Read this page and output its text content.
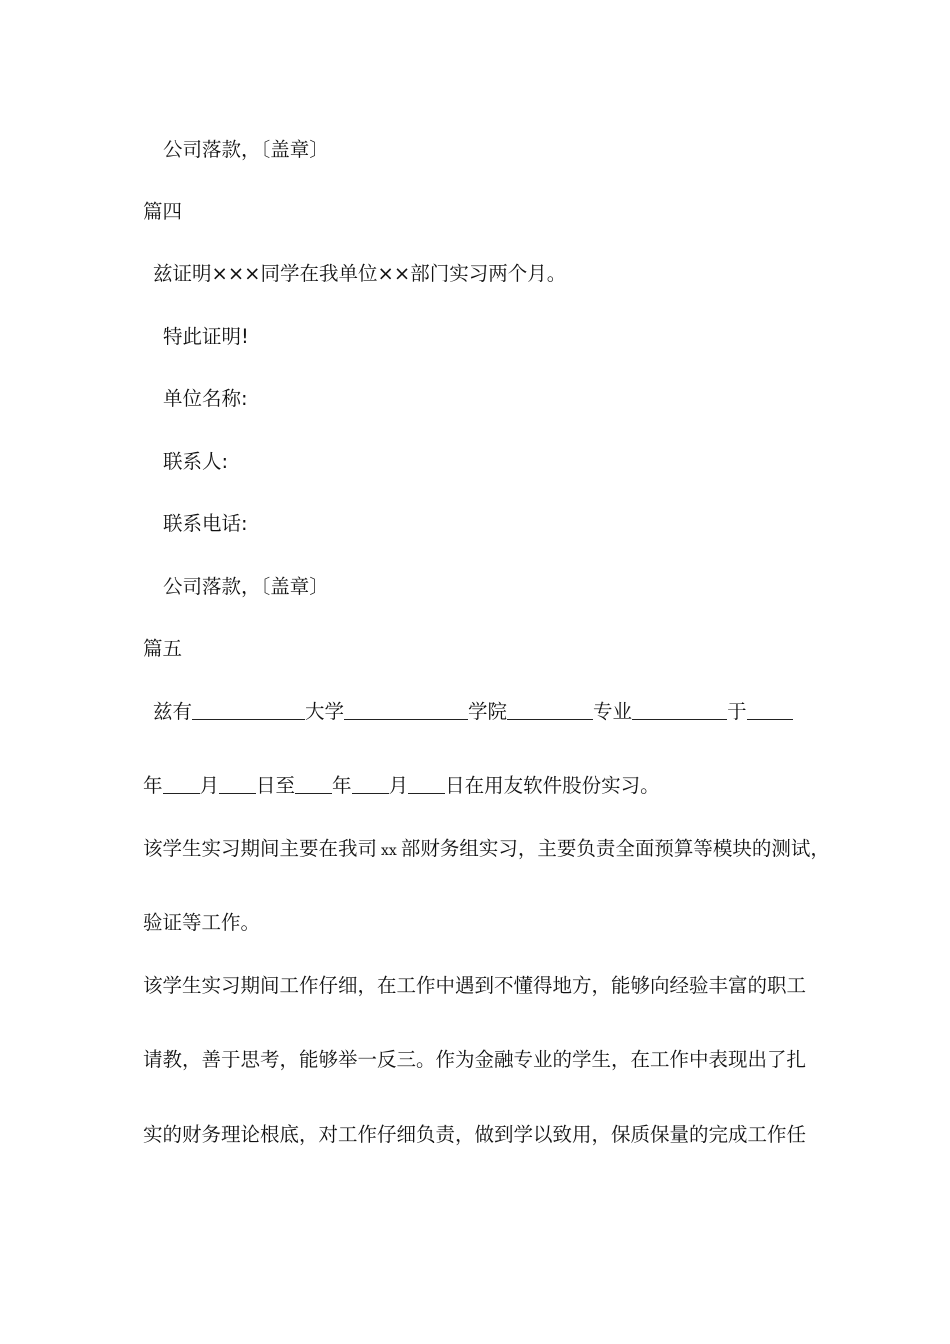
公司落款，〔盖章〕
篇四
兹证明×××同学在我单位××部门实习两个月。
特此证明!
单位名称:
联系人:
联系电话:
公司落款，〔盖章〕
篇五
兹有	大学	学院	专业	于
年 月 日至 年 月 日在用友软件股份实习。
该学生实习期间主要在我司 xx 部财务组实习，主要负责全面预算等模块的测试，
验证等工作。
该学生实习期间工作仔细，在工作中遇到不懂得地方，能够向经验丰富的职工
请教，善于思考，能够举一反三。作为金融专业的学生，在工作中表现出了扎
实的财务理论根底，对工作仔细负责，做到学以致用，保质保量的完成工作任
